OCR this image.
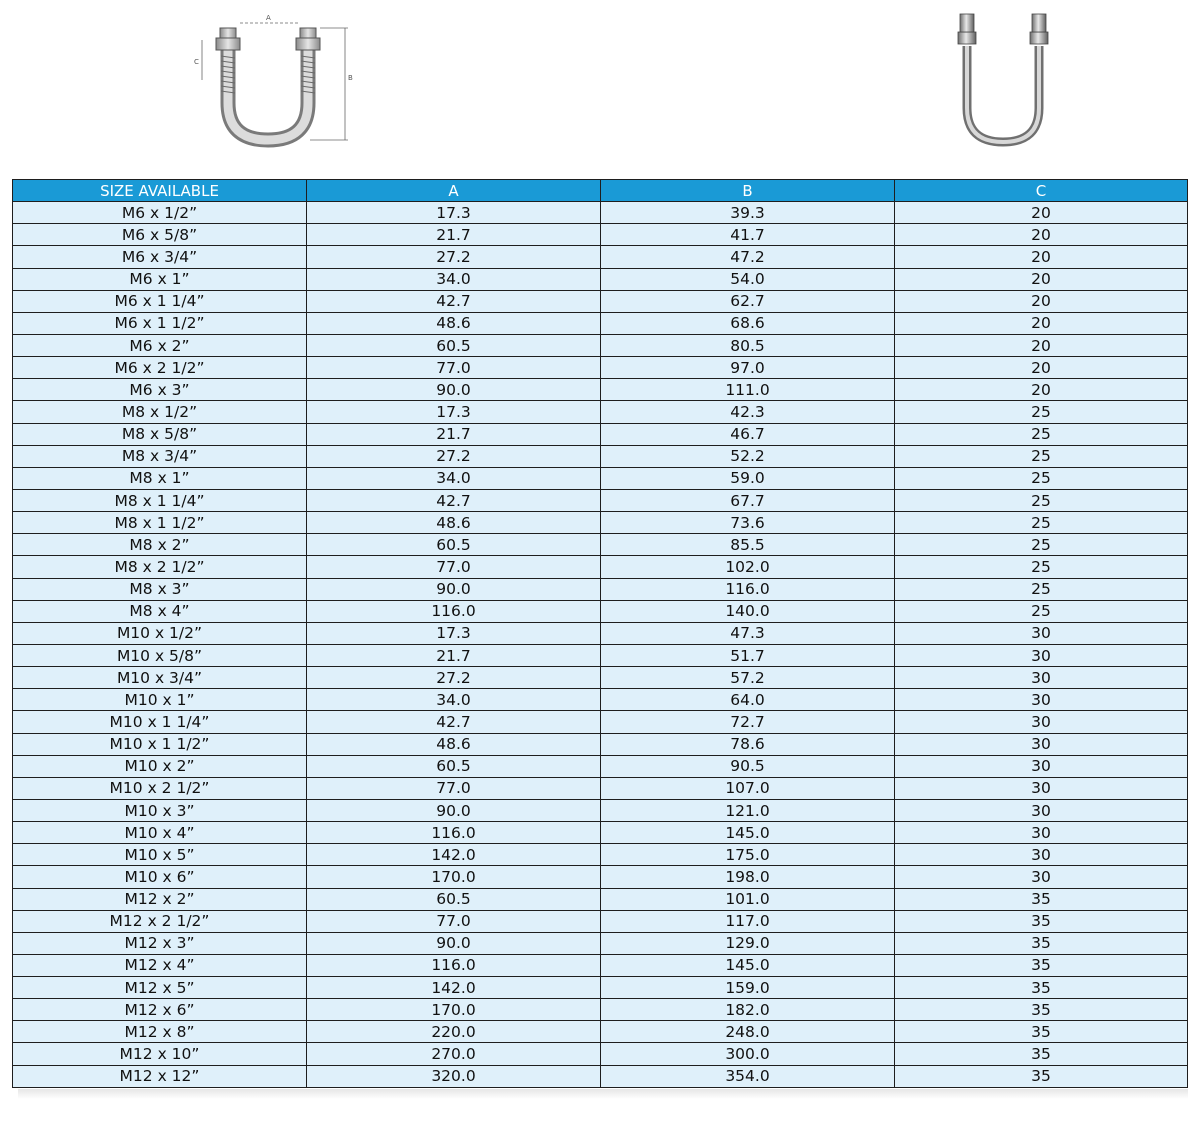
A
B
C
SIZE AVAILABLE	A	B	C
M6 x 1/2”	17.3	39.3	20
M6 x 5/8”	21.7	41.7	20
M6 x 3/4”	27.2	47.2	20
M6 x 1”	34.0	54.0	20
M6 x 1 1/4”	42.7	62.7	20
M6 x 1 1/2”	48.6	68.6	20
M6 x 2”	60.5	80.5	20
M6 x 2 1/2”	77.0	97.0	20
M6 x 3”	90.0	111.0	20
M8 x 1/2”	17.3	42.3	25
M8 x 5/8”	21.7	46.7	25
M8 x 3/4”	27.2	52.2	25
M8 x 1”	34.0	59.0	25
M8 x 1 1/4”	42.7	67.7	25
M8 x 1 1/2”	48.6	73.6	25
M8 x 2”	60.5	85.5	25
M8 x 2 1/2”	77.0	102.0	25
M8 x 3”	90.0	116.0	25
M8 x 4”	116.0	140.0	25
M10 x 1/2”	17.3	47.3	30
M10 x 5/8”	21.7	51.7	30
M10 x 3/4”	27.2	57.2	30
M10 x 1”	34.0	64.0	30
M10 x 1 1/4”	42.7	72.7	30
M10 x 1 1/2”	48.6	78.6	30
M10 x 2”	60.5	90.5	30
M10 x 2 1/2”	77.0	107.0	30
M10 x 3”	90.0	121.0	30
M10 x 4”	116.0	145.0	30
M10 x 5”	142.0	175.0	30
M10 x 6”	170.0	198.0	30
M12 x 2”	60.5	101.0	35
M12 x 2 1/2”	77.0	117.0	35
M12 x 3”	90.0	129.0	35
M12 x 4”	116.0	145.0	35
M12 x 5”	142.0	159.0	35
M12 x 6”	170.0	182.0	35
M12 x 8”	220.0	248.0	35
M12 x 10”	270.0	300.0	35
M12 x 12”	320.0	354.0	35
